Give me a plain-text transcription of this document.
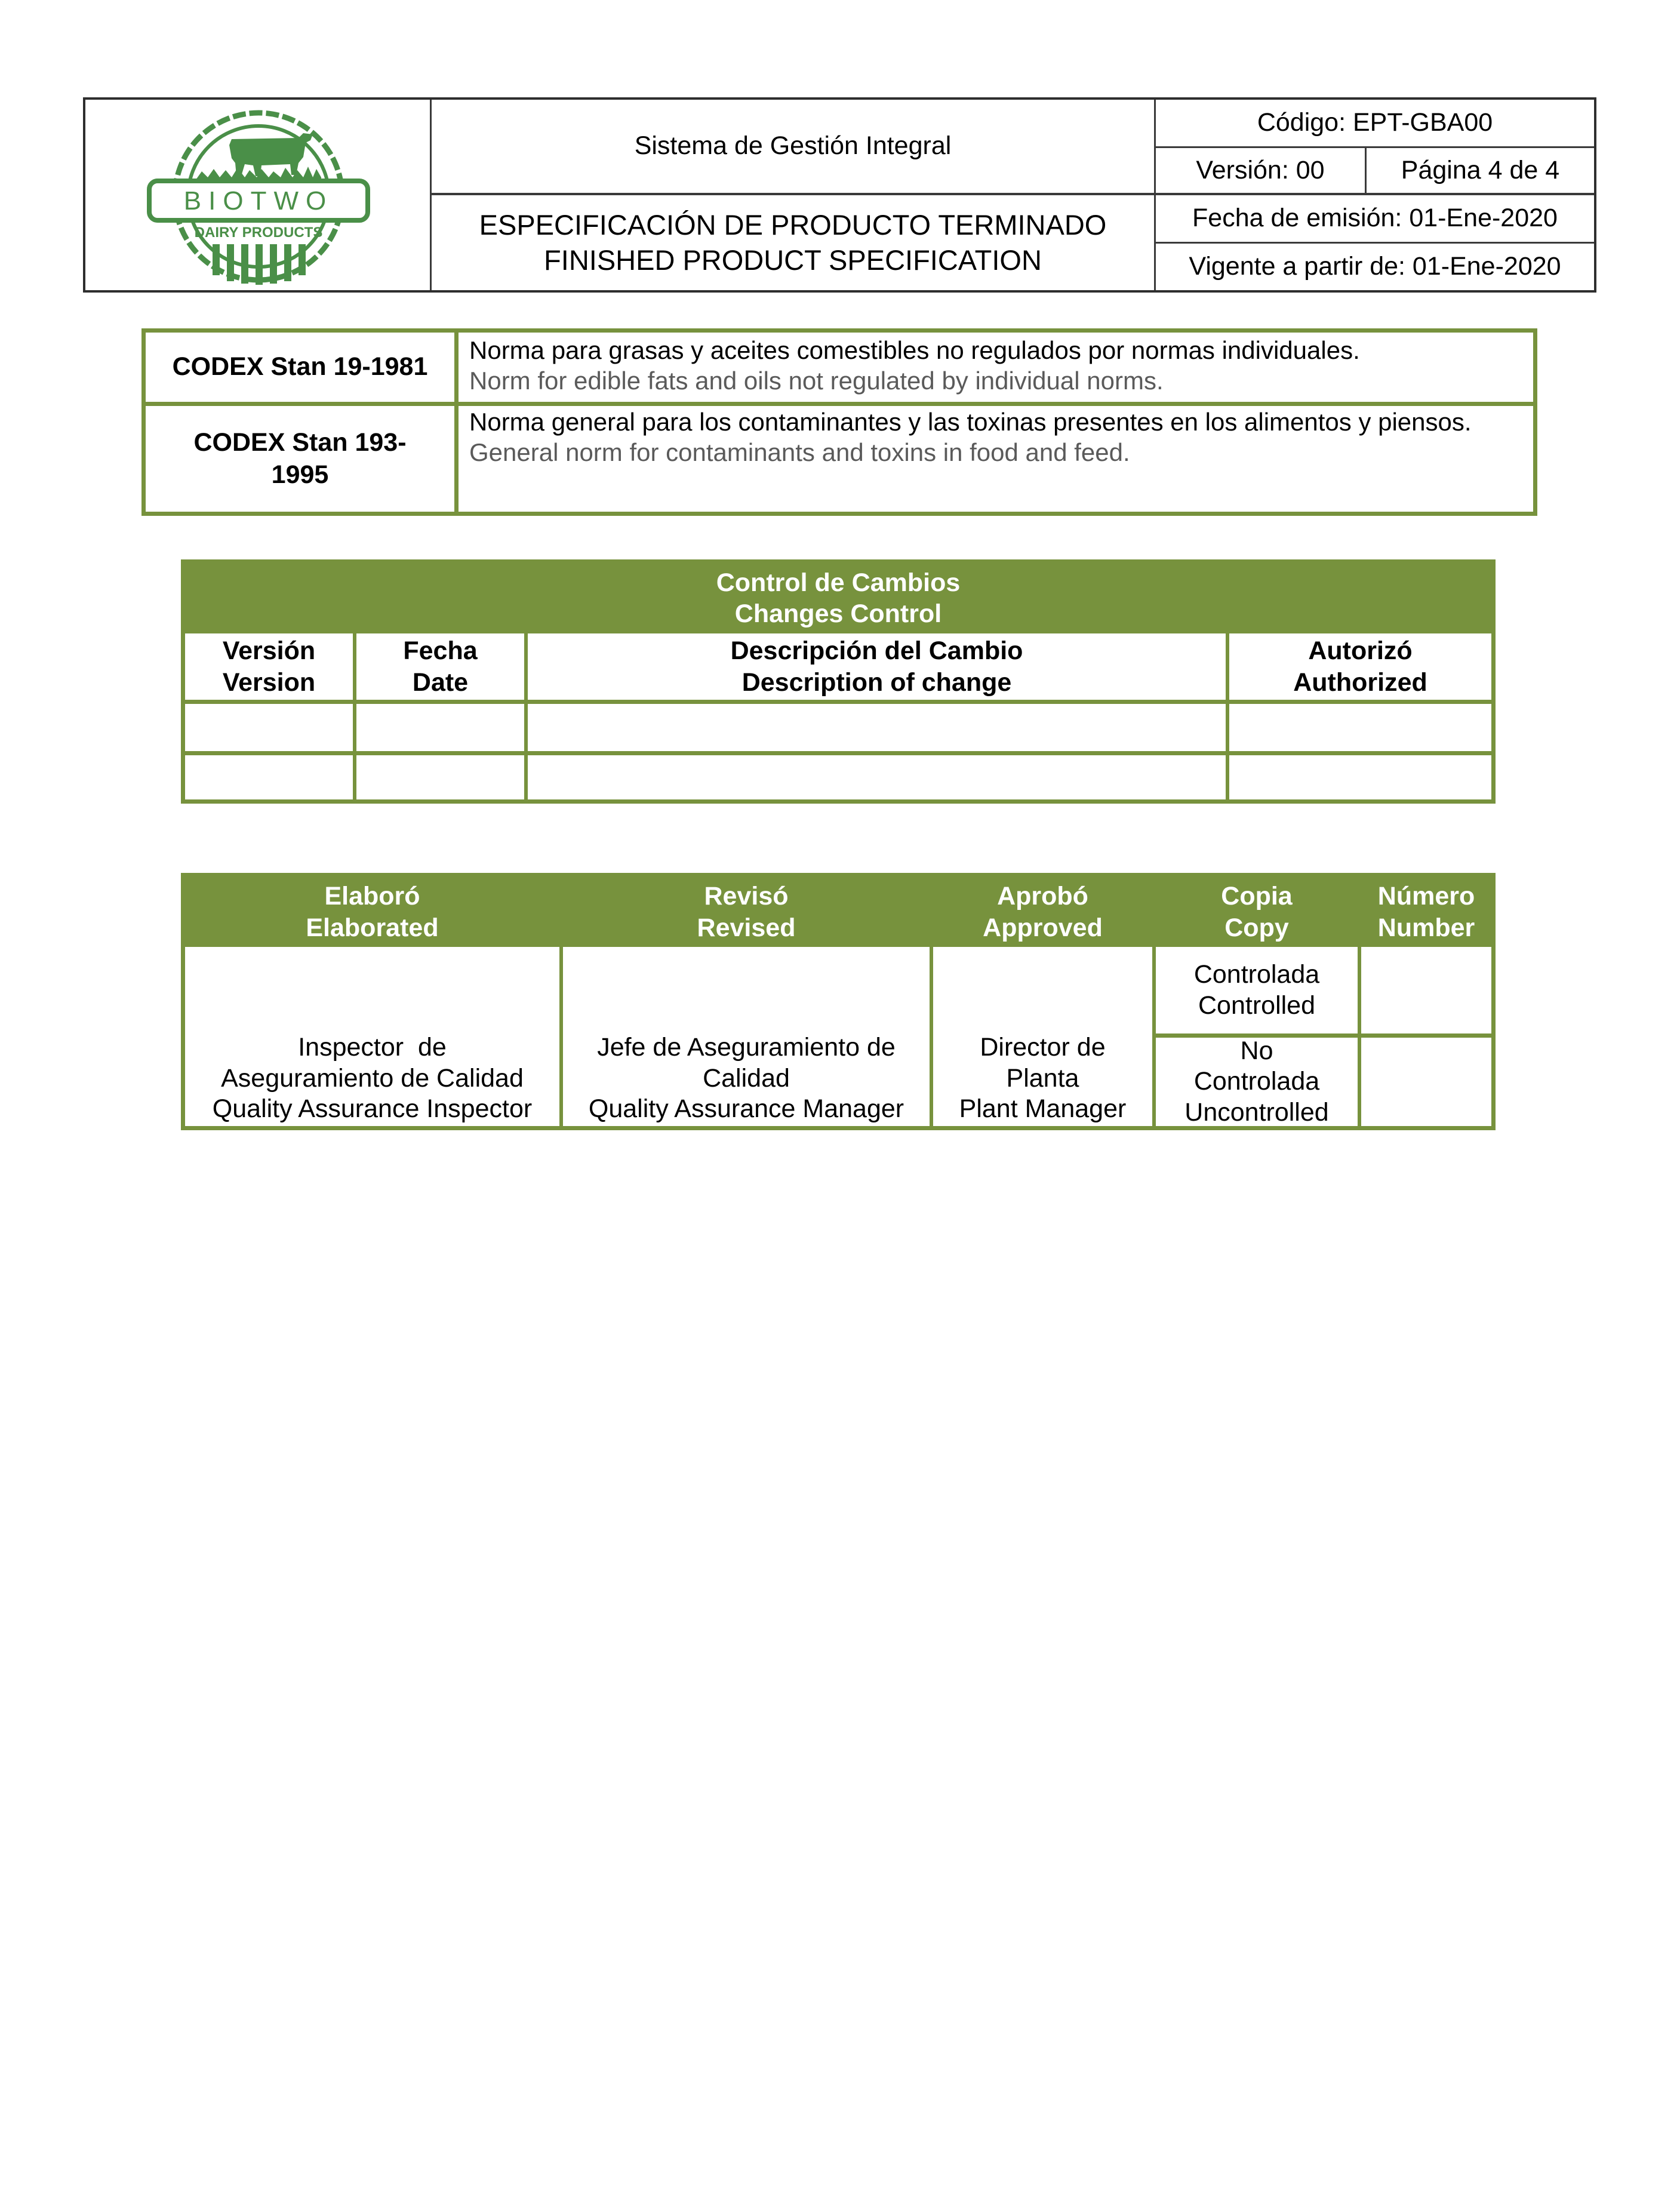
BIOTWO
DAIRY PRODUCTS
Sistema de Gestión Integral
ESPECIFICACIÓN DE PRODUCTO TERMINADO
FINISHED PRODUCT SPECIFICATION
Código: EPT-GBA00
Versión: 00	Página 4 de 4
Fecha de emisión: 01-Ene-2020
Vigente a partir de: 01-Ene-2020
CODEX Stan 19-1981
Norma para grasas y aceites comestibles no regulados por normas individuales.
Norm for edible fats and oils not regulated by individual norms.
CODEX Stan 193-
1995
Norma general para los contaminantes y las toxinas presentes en los alimentos y piensos.
General norm for contaminants and toxins in food and feed.
Control de Cambios
Changes Control
Versión
Version
Fecha
Date
Descripción del Cambio
Description of change
Autorizó
Authorized
Elaboró
Elaborated
Revisó
Revised
Aprobó
Approved
Copia
Copy
Número
Number
Inspector  de
Aseguramiento de Calidad
Quality Assurance Inspector
Jefe de Aseguramiento de
Calidad
Quality Assurance Manager
Director de
Planta
Plant Manager
Controlada
Controlled
No
Controlada
Uncontrolled
